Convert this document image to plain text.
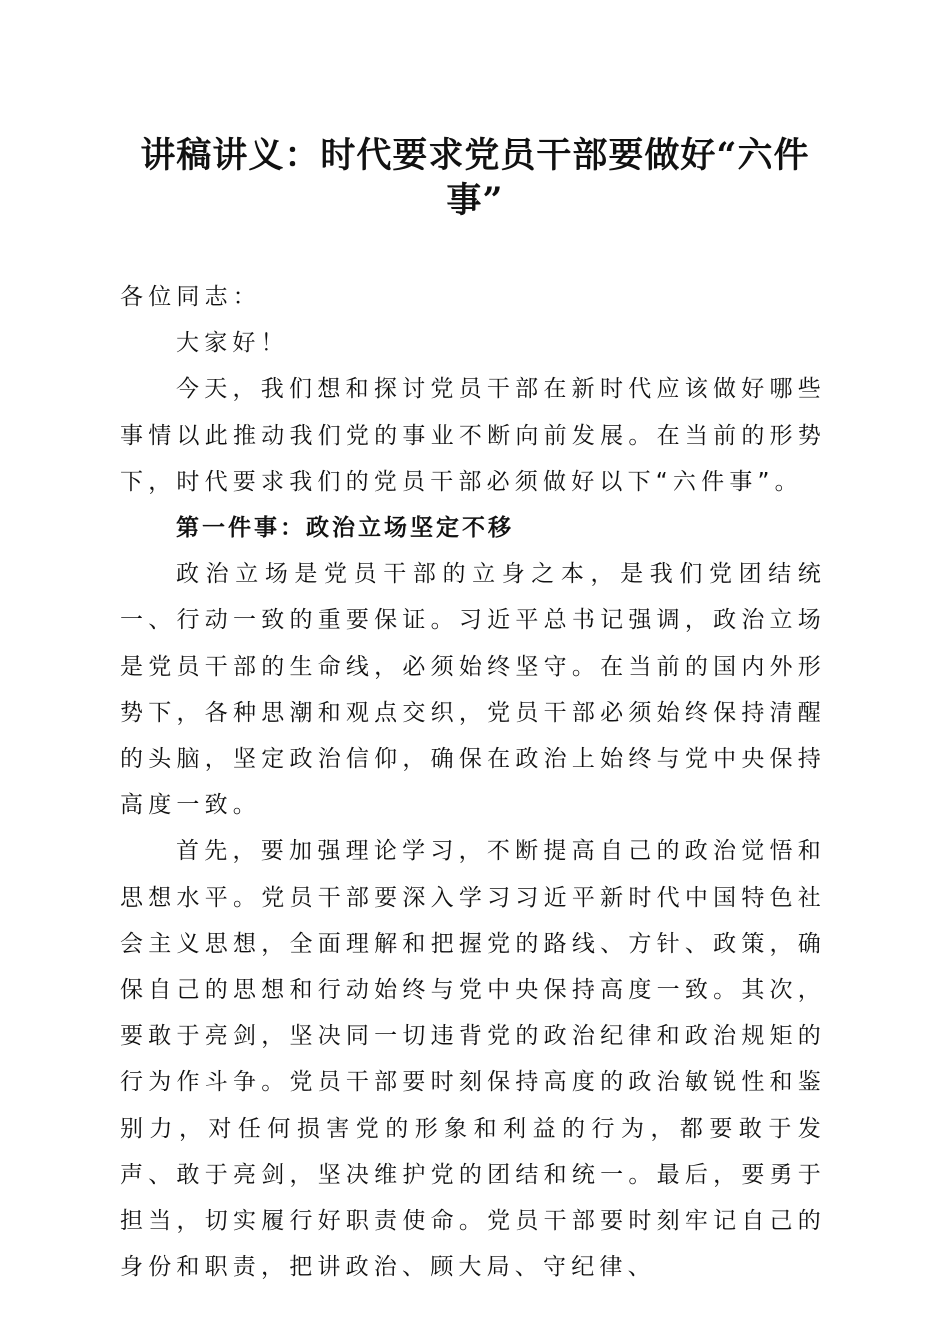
讲稿讲义：时代要求党员干部要做好“六件事”

各位同志：

大家好！

今天，我们想和探讨党员干部在新时代应该做好哪些事情以此推动我们党的事业不断向前发展。在当前的形势下，时代要求我们的党员干部必须做好以下“六件事”。

第一件事：政治立场坚定不移

政治立场是党员干部的立身之本，是我们党团结统一、行动一致的重要保证。习近平总书记强调，政治立场是党员干部的生命线，必须始终坚守。在当前的国内外形势下，各种思潮和观点交织，党员干部必须始终保持清醒的头脑，坚定政治信仰，确保在政治上始终与党中央保持高度一致。

首先，要加强理论学习，不断提高自己的政治觉悟和思想水平。党员干部要深入学习习近平新时代中国特色社会主义思想，全面理解和把握党的路线、方针、政策，确保自己的思想和行动始终与党中央保持高度一致。其次，要敢于亮剑，坚决同一切违背党的政治纪律和政治规矩的行为作斗争。党员干部要时刻保持高度的政治敏锐性和鉴别力，对任何损害党的形象和利益的行为，都要敢于发声、敢于亮剑，坚决维护党的团结和统一。最后，要勇于担当，切实履行好职责使命。党员干部要时刻牢记自己的身份和职责，把讲政治、顾大局、守纪律、
